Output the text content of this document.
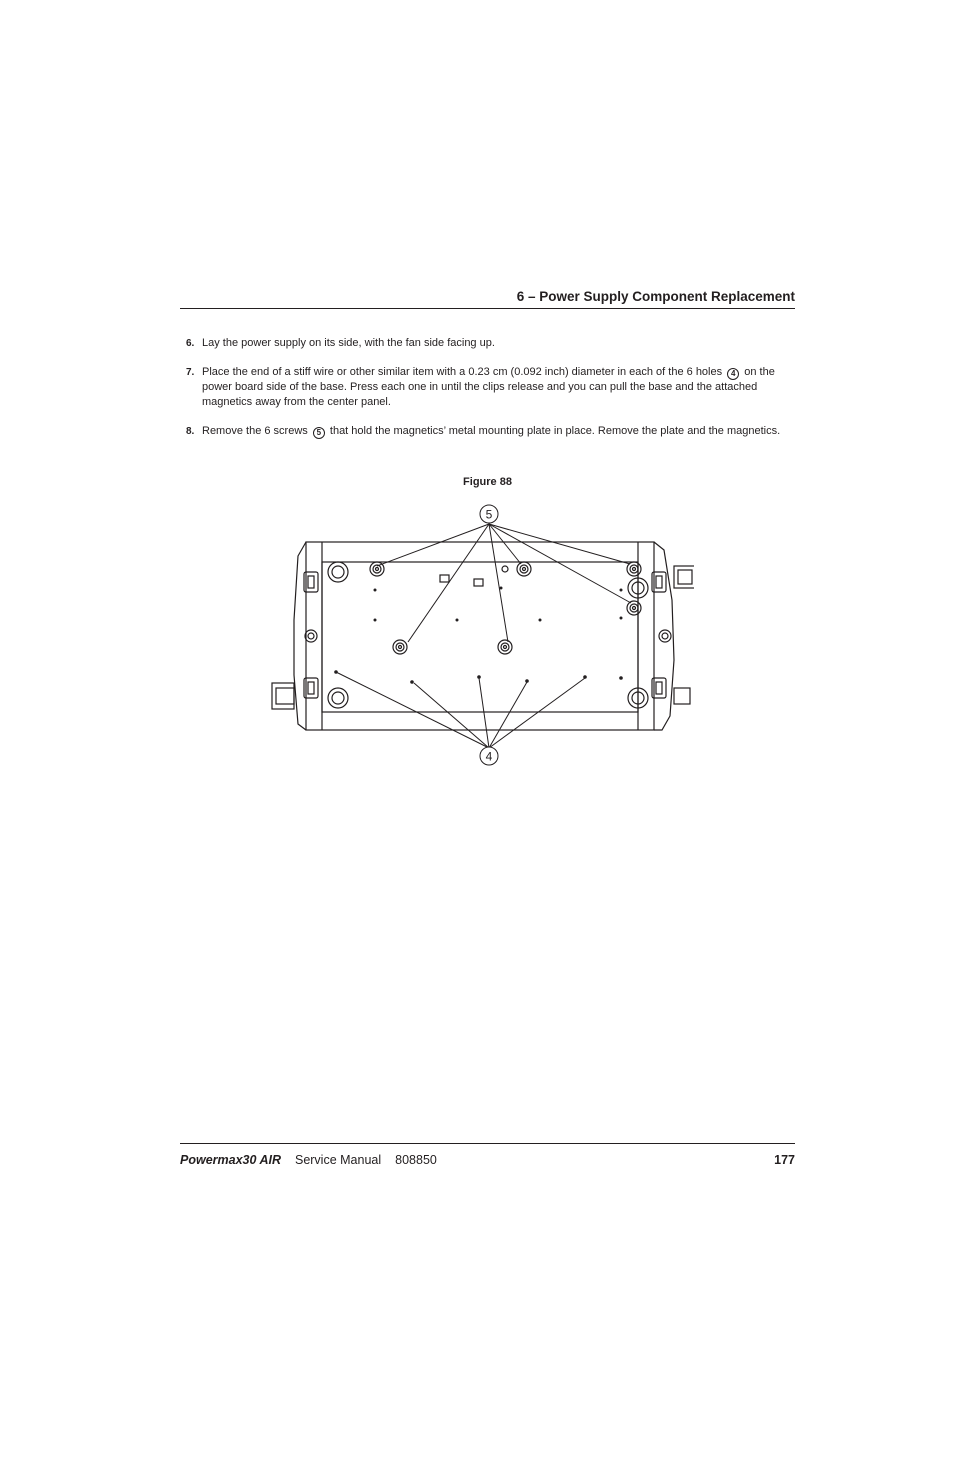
6 – Power Supply Component Replacement
6. Lay the power supply on its side, with the fan side facing up.
7. Place the end of a stiff wire or other similar item with a 0.23 cm (0.092 inch) diameter in each of the 6 holes 4 on the power board side of the base. Press each one in until the clips release and you can pull the base and the attached magnetics away from the center panel.
8. Remove the 6 screws 5 that hold the magnetics’ metal mounting plate in place. Remove the plate and the magnetics.
Figure 88
5
4
Powermax30 AIR Service Manual 808850	177
